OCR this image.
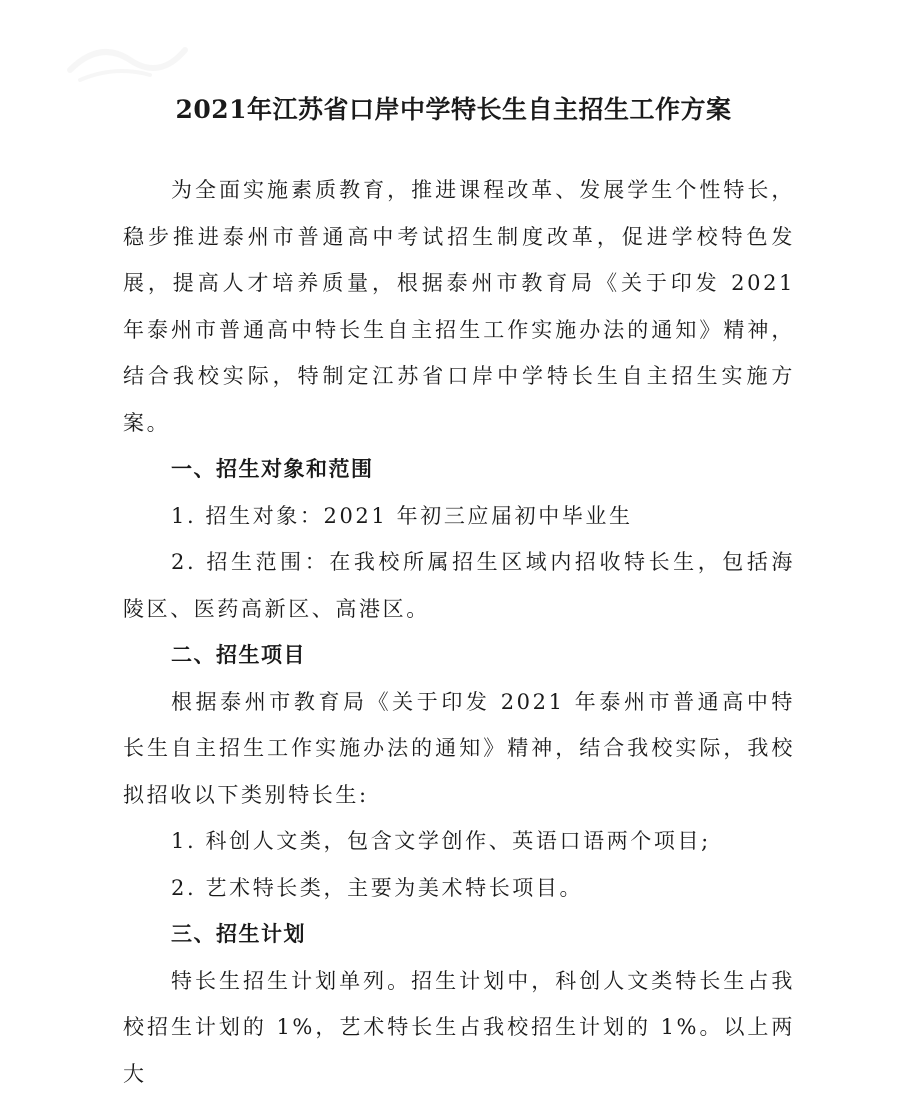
2021年江苏省口岸中学特长生自主招生工作方案

为全面实施素质教育，推进课程改革、发展学生个性特长，稳步推进泰州市普通高中考试招生制度改革，促进学校特色发展，提高人才培养质量，根据泰州市教育局《关于印发 2021 年泰州市普通高中特长生自主招生工作实施办法的通知》精神，结合我校实际，特制定江苏省口岸中学特长生自主招生实施方案。

一、招生对象和范围

1. 招生对象：2021 年初三应届初中毕业生

2. 招生范围：在我校所属招生区域内招收特长生，包括海陵区、医药高新区、高港区。

二、招生项目

根据泰州市教育局《关于印发 2021 年泰州市普通高中特长生自主招生工作实施办法的通知》精神，结合我校实际，我校拟招收以下类别特长生:

1. 科创人文类，包含文学创作、英语口语两个项目;

2. 艺术特长类，主要为美术特长项目。

三、招生计划

特长生招生计划单列。招生计划中，科创人文类特长生占我校招生计划的 1%，艺术特长生占我校招生计划的 1%。以上两大
